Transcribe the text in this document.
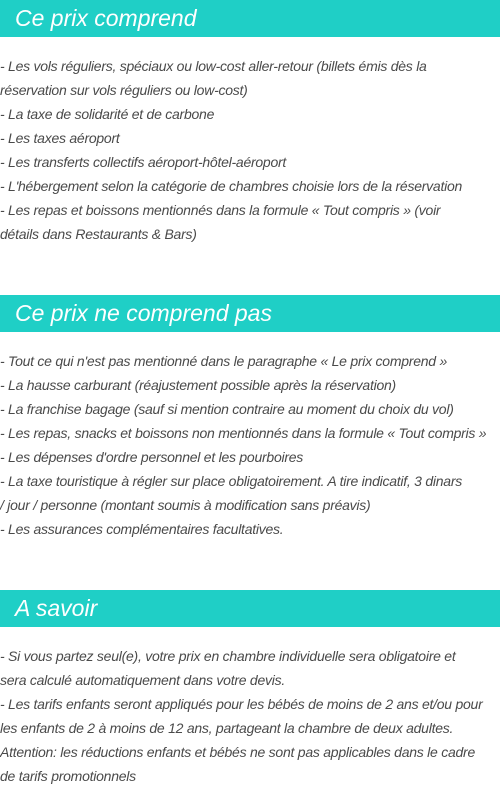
Ce prix comprend
- Les vols réguliers, spéciaux ou low-cost aller-retour (billets émis dès la
réservation sur vols réguliers ou low-cost)
- La taxe de solidarité et de carbone
- Les taxes aéroport
- Les transferts collectifs aéroport-hôtel-aéroport
- L'hébergement selon la catégorie de chambres choisie lors de la réservation
- Les repas et boissons mentionnés dans la formule « Tout compris » (voir
détails dans Restaurants & Bars)
Ce prix ne comprend pas
- Tout ce qui n'est pas mentionné dans le paragraphe « Le prix comprend »
- La hausse carburant (réajustement possible après la réservation)
- La franchise bagage (sauf si mention contraire au moment du choix du vol)
- Les repas, snacks et boissons non mentionnés dans la formule « Tout compris »
- Les dépenses d'ordre personnel et les pourboires
- La taxe touristique à régler sur place obligatoirement. A tire indicatif, 3 dinars
/ jour / personne (montant soumis à modification sans préavis)
- Les assurances complémentaires facultatives.
A savoir
- Si vous partez seul(e), votre prix en chambre individuelle sera obligatoire et
sera calculé automatiquement dans votre devis.
- Les tarifs enfants seront appliqués pour les bébés de moins de 2 ans et/ou pour
les enfants de 2 à moins de 12 ans, partageant la chambre de deux adultes.
Attention: les réductions enfants et bébés ne sont pas applicables dans le cadre
de tarifs promotionnels
